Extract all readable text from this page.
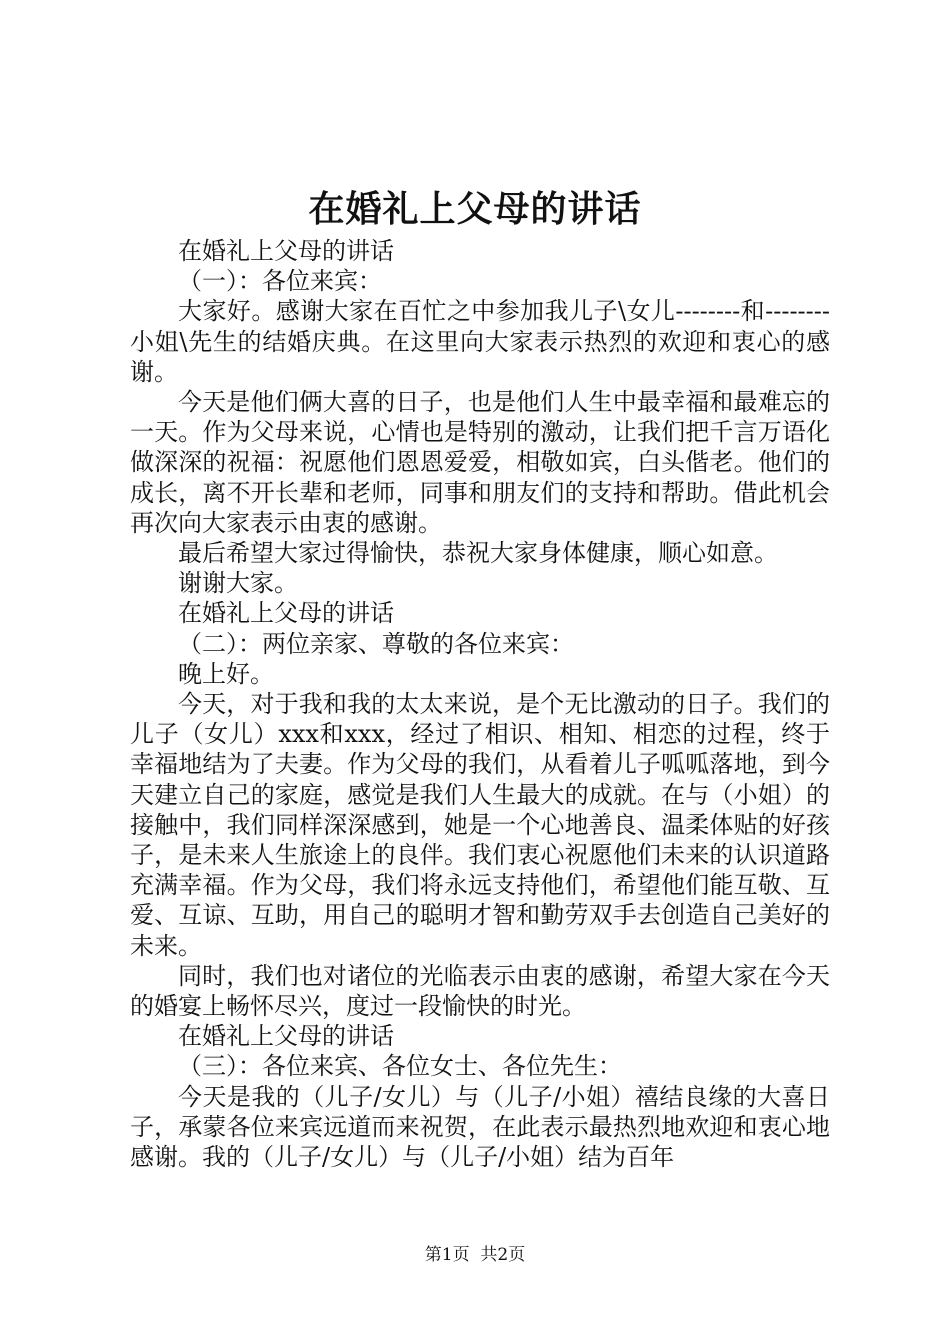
在婚礼上父母的讲话

在婚礼上父母的讲话

（一）：各位来宾：

大家好。感谢大家在百忙之中参加我儿子\女儿--------和--------小姐\先生的结婚庆典。在这里向大家表示热烈的欢迎和衷心的感谢。

今天是他们俩大喜的日子，也是他们人生中最幸福和最难忘的一天。作为父母来说，心情也是特别的激动，让我们把千言万语化做深深的祝福：祝愿他们恩恩爱爱，相敬如宾，白头偕老。他们的成长，离不开长辈和老师，同事和朋友们的支持和帮助。借此机会再次向大家表示由衷的感谢。

最后希望大家过得愉快，恭祝大家身体健康，顺心如意。

谢谢大家。

在婚礼上父母的讲话

（二）：两位亲家、尊敬的各位来宾：

晚上好。

今天，对于我和我的太太来说，是个无比激动的日子。我们的儿子（女儿）xxx和xxx，经过了相识、相知、相恋的过程，终于幸福地结为了夫妻。作为父母的我们，从看着儿子呱呱落地，到今天建立自己的家庭，感觉是我们人生最大的成就。在与（小姐）的接触中，我们同样深深感到，她是一个心地善良、温柔体贴的好孩子，是未来人生旅途上的良伴。我们衷心祝愿他们未来的认识道路充满幸福。作为父母，我们将永远支持他们，希望他们能互敬、互爱、互谅、互助，用自己的聪明才智和勤劳双手去创造自己美好的未来。

同时，我们也对诸位的光临表示由衷的感谢，希望大家在今天的婚宴上畅怀尽兴，度过一段愉快的时光。

在婚礼上父母的讲话

（三）：各位来宾、各位女士、各位先生：

今天是我的（儿子/女儿）与（儿子/小姐）禧结良缘的大喜日子，承蒙各位来宾远道而来祝贺，在此表示最热烈地欢迎和衷心地感谢。我的（儿子/女儿）与（儿子/小姐）结为百年

第1页 共2页
